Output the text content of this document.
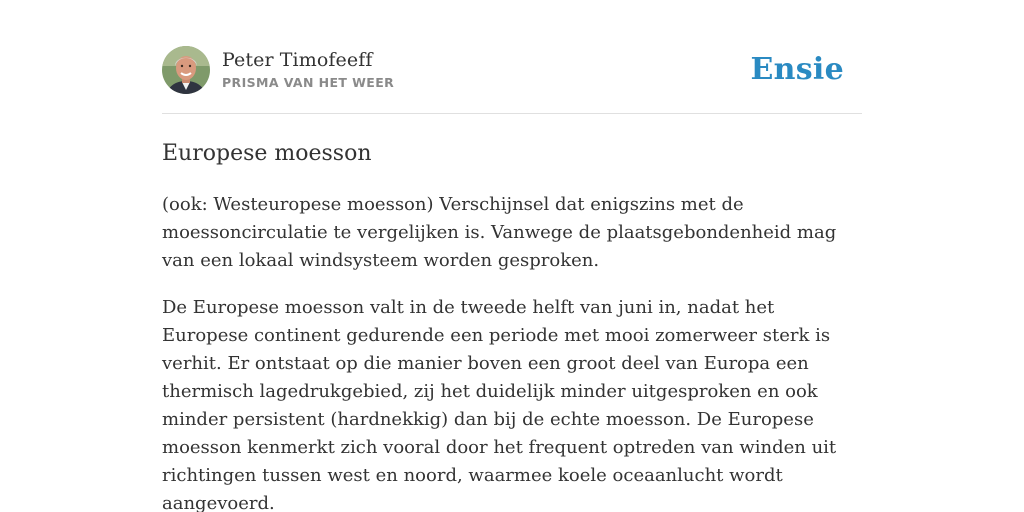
Peter Timofeeff
PRISMA VAN HET WEER	Ensie
Europese moesson

(ook: Westeuropese moesson) Verschijnsel dat enigszins met de moessoncirculatie te vergelijken is. Vanwege de plaatsgebondenheid mag van een lokaal windsysteem worden gesproken.

De Europese moesson valt in de tweede helft van juni in, nadat het Europese continent gedurende een periode met mooi zomerweer sterk is verhit. Er ontstaat op die manier boven een groot deel van Europa een thermisch lagedrukgebied, zij het duidelijk minder uitgesproken en ook minder persistent (hardnekkig) dan bij de echte moesson. De Europese moesson kenmerkt zich vooral door het frequent optreden van winden uit richtingen tussen west en noord, waarmee koele oceaanlucht wordt aangevoerd.
